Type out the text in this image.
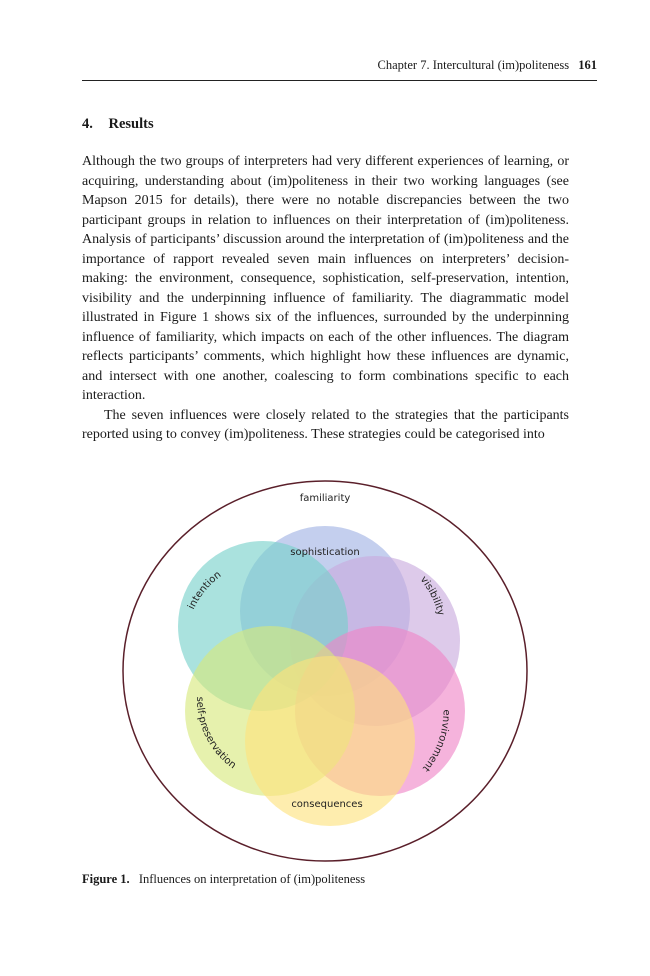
Chapter 7. Intercultural (im)politeness 161
4. Results

Although the two groups of interpreters had very different experiences of learning, or acquiring, understanding about (im)politeness in their two working languages (see Mapson 2015 for details), there were no notable discrepancies between the two participant groups in relation to influences on their interpretation of (im)politeness. Analysis of participants’ discussion around the interpretation of (im)politeness and the importance of rapport revealed seven main influences on interpreters’ decision-making: the environment, consequence, sophistication, self-preservation, intention, visibility and the underpinning influence of familiarity. The diagrammatic model illustrated in Figure 1 shows six of the influences, surrounded by the underpinning influence of familiarity, which impacts on each of the other influences. The diagram reflects participants’ comments, which highlight how these influences are dynamic, and intersect with one another, coalescing to form combinations specific to each interaction.

The seven influences were closely related to the strategies that the participants reported using to convey (im)politeness. These strategies could be categorised into

familiarity
sophistication
consequences
intention	visibility
environment
self-preservation
Figure 1. Influences on interpretation of (im)politeness
